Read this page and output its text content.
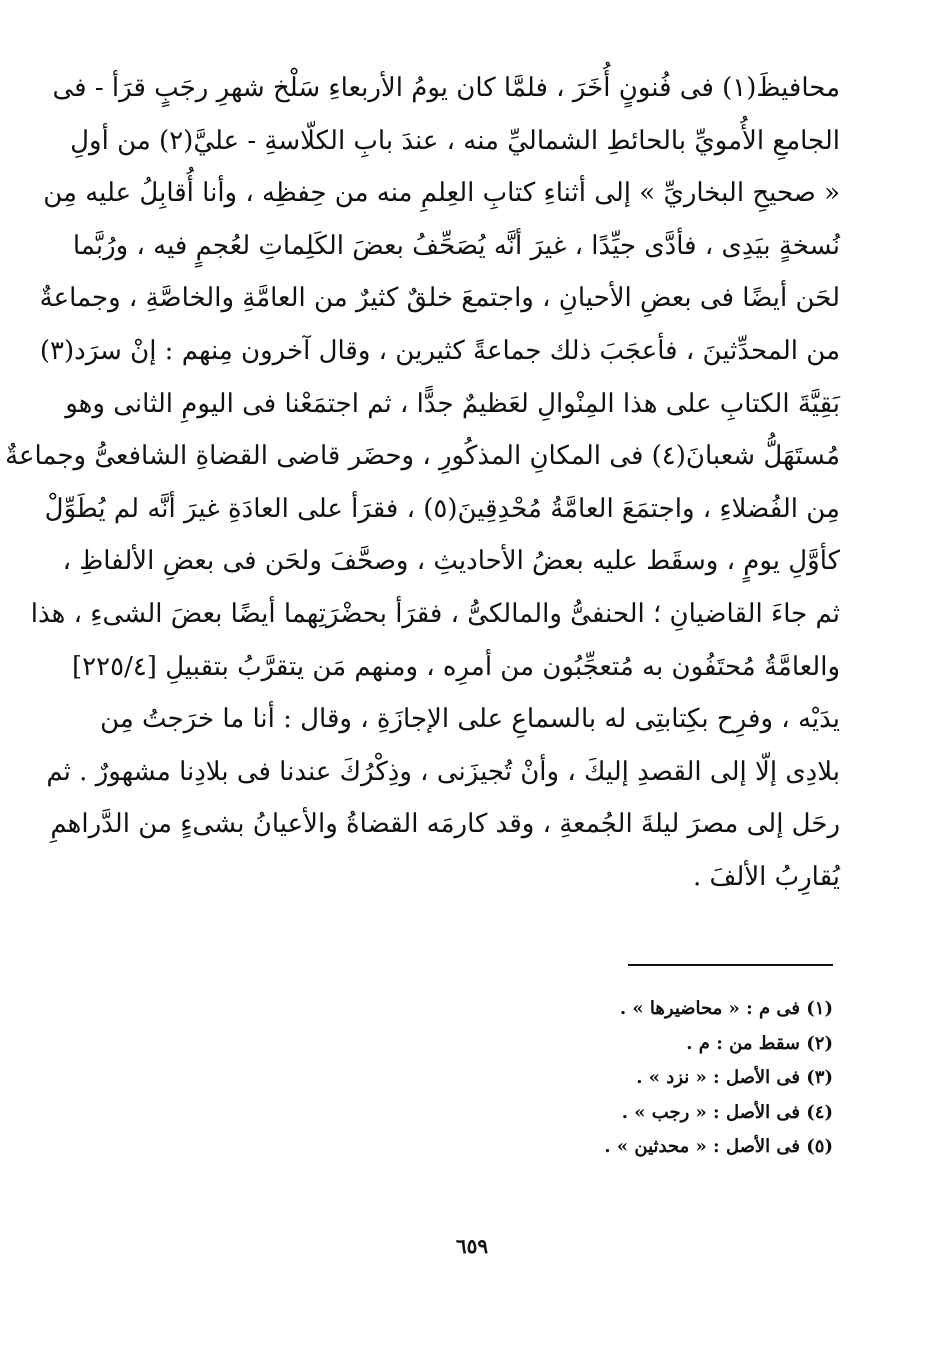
محافيظَ(١) فى فُنونٍ أُخَرَ ، فلمَّا كان يومُ الأربعاءِ سَلْخ شهرِ رجَبٍ قرَأ - فى
الجامعِ الأُمويِّ بالحائطِ الشماليِّ منه ، عندَ بابِ الكلّاسةِ - عليَّ(٢) من أولِ
« صحيحِ البخاريِّ » إلى أثناءِ كتابِ العِلمِ منه من حِفظِه ، وأنا أُقابِلُ عليه مِن
نُسخةٍ بيَدِى ، فأدَّى جيِّدًا ، غيرَ أنَّه يُصَحِّفُ بعضَ الكَلِماتِ لعُجمٍ فيه ، ورُبَّما
لحَن أيضًا فى بعضِ الأحيانِ ، واجتمعَ خلقٌ كثيرٌ من العامَّةِ والخاصَّةِ ، وجماعةٌ
من المحدِّثينَ ، فأعجَبَ ذلك جماعةً كثيرين ، وقال آخرون مِنهم : إنْ سرَد(٣)
بَقِيَّةَ الكتابِ على هذا المِنْوالِ لعَظيمٌ جدًّا ، ثم اجتمَعْنا فى اليومِ الثانى وهو
مُستَهَلُّ شعبانَ(٤) فى المكانِ المذكُورِ ، وحضَر قاضى القضاةِ الشافعىُّ وجماعةٌ
مِن الفُضلاءِ ، واجتمَعَ العامَّةُ مُحْدِقِينَ(٥) ، فقرَأ على العادَةِ غيرَ أنَّه لم يُطَوِّلْ
كأوَّلِ يومٍ ، وسقَط عليه بعضُ الأحاديثِ ، وصحَّفَ ولحَن فى بعضِ الألفاظِ ،
ثم جاءَ القاضيانِ ؛ الحنفىُّ والمالكىُّ ، فقرَأ بحضْرَتِهما أيضًا بعضَ الشىءِ ، هذا
والعامَّةُ مُحتَفُون به مُتعجِّبُون من أمرِه ، ومنهم مَن يتقرَّبُ بتقبيلِ [٢٢٥/٤]
يدَيْه ، وفرِح بكِتابتِى له بالسماعِ على الإجازَةِ ، وقال : أنا ما خرَجتُ مِن
بلادِى إلّا إلى القصدِ إليكَ ، وأنْ تُجيزَنى ، وذِكْرُكَ عندنا فى بلادِنا مشهورٌ . ثم
رحَل إلى مصرَ ليلةَ الجُمعةِ ، وقد كارمَه القضاةُ والأعيانُ بشىءٍ من الدَّراهمِ
يُقارِبُ الألفَ .
(١) فى م : « محاضيرها » .
(٢) سقط من : م .
(٣) فى الأصل : « نزد » .
(٤) فى الأصل : « رجب » .
(٥) فى الأصل : « محدثين » .
٦٥٩
